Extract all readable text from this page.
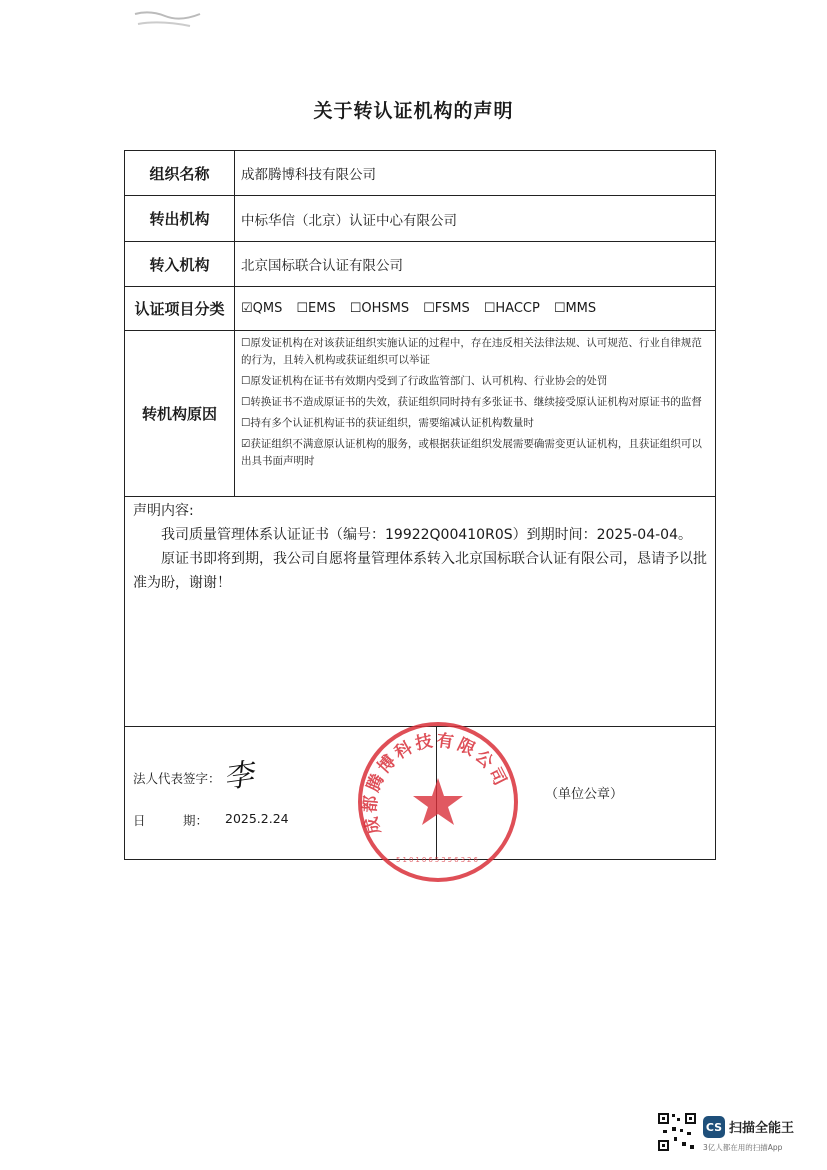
关于转认证机构的声明
组织名称	成都腾博科技有限公司
转出机构	中标华信（北京）认证中心有限公司
转入机构	北京国标联合认证有限公司
认证项目分类	☑QMS ☐EMS ☐OHSMS ☐FSMS ☐HACCP ☐MMS
转机构原因

☐原发证机构在对该获证组织实施认证的过程中，存在违反相关法律法规、认可规范、行业自律规范的行为，且转入机构或获证组织可以举证

☐原发证机构在证书有效期内受到了行政监管部门、认可机构、行业协会的处罚

☐转换证书不造成原证书的失效，获证组织同时持有多张证书、继续接受原认证机构对原证书的监督

☐持有多个认证机构证书的获证组织，需要缩减认证机构数量时

☑获证组织不满意原认证机构的服务，或根据获证组织发展需要确需变更认证机构，且获证组织可以出具书面声明时

声明内容:

我司质量管理体系认证证书（编号：19922Q00410R0S）到期时间：2025-04-04。

原证书即将到期，我公司自愿将量管理体系转入北京国标联合认证有限公司，恳请予以批准为盼，谢谢！

法人代表签字： 李
日　　　期： 2025.2.24
（单位公章）
成都腾博科技有限公司
5101065356326
CS 扫描全能王
3亿人都在用的扫描App
